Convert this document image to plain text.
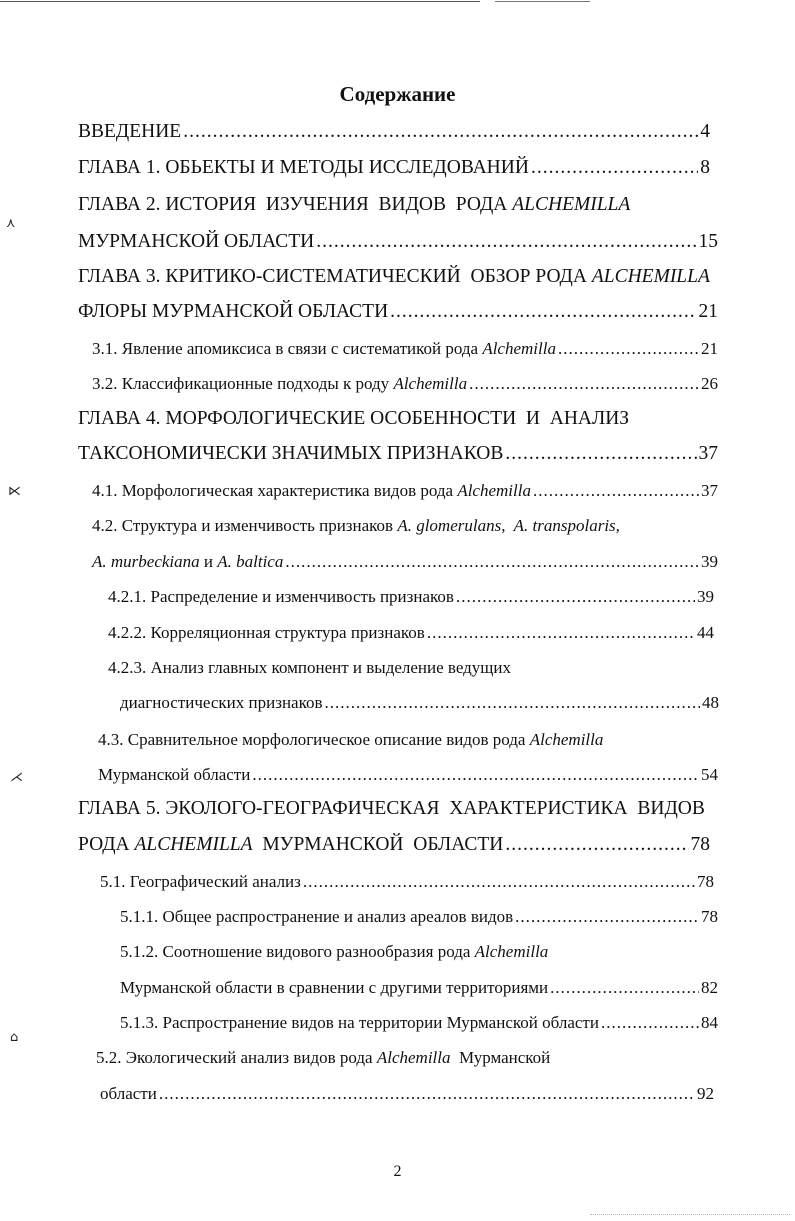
Содержание
ВВЕДЕНИЕ .....	4
ГЛАВА 1. ОБЬЕКТЫ И МЕТОДЫ ИССЛЕДОВАНИЙ .....	8
ГЛАВА 2. ИСТОРИЯ  ИЗУЧЕНИЯ  ВИДОВ  РОДА ALCHEMILLA
МУРМАНСКОЙ ОБЛАСТИ .....	15
ГЛАВА 3. КРИТИКО-СИСТЕМАТИЧЕСКИЙ  ОБЗОР РОДА ALCHEMILLA
ФЛОРЫ МУРМАНСКОЙ ОБЛАСТИ .....	21
3.1. Явление апомиксиса в связи с систематикой рода Alchemilla .....	21
3.2. Классификационные подходы к роду Alchemilla .....	26
ГЛАВА 4. МОРФОЛОГИЧЕСКИЕ ОСОБЕННОСТИ  И  АНАЛИЗ
ТАКСОНОМИЧЕСКИ ЗНАЧИМЫХ ПРИЗНАКОВ .....	37
4.1. Морфологическая характеристика видов рода Alchemilla .....	37
4.2. Структура и изменчивость признаков A. glomerulans,  A. transpolaris,
A. murbeckiana и A. baltica .....	39
4.2.1. Распределение и изменчивость признаков .....	39
4.2.2. Корреляционная структура признаков .....	44
4.2.3. Анализ главных компонент и выделение ведущих
диагностических признаков .....	48
4.3. Сравнительное морфологическое описание видов рода Alchemilla
Мурманской области .....	54
ГЛАВА 5. ЭКОЛОГО-ГЕОГРАФИЧЕСКАЯ  ХАРАКТЕРИСТИКА  ВИДОВ
РОДА ALCHEMILLA МУРМАНСКОЙ  ОБЛАСТИ .....	78
5.1. Географический анализ .....	78
5.1.1. Общее распространение и анализ ареалов видов .....	78
5.1.2. Соотношение видового разнообразия рода Alchemilla
Мурманской области в сравнении с другими территориями .....	82
5.1.3. Распространение видов на территории Мурманской области .....	84
5.2. Экологический анализ видов рода Alchemilla Мурманской
области .....	92
⋏
⋉
⋌
⌂
2
